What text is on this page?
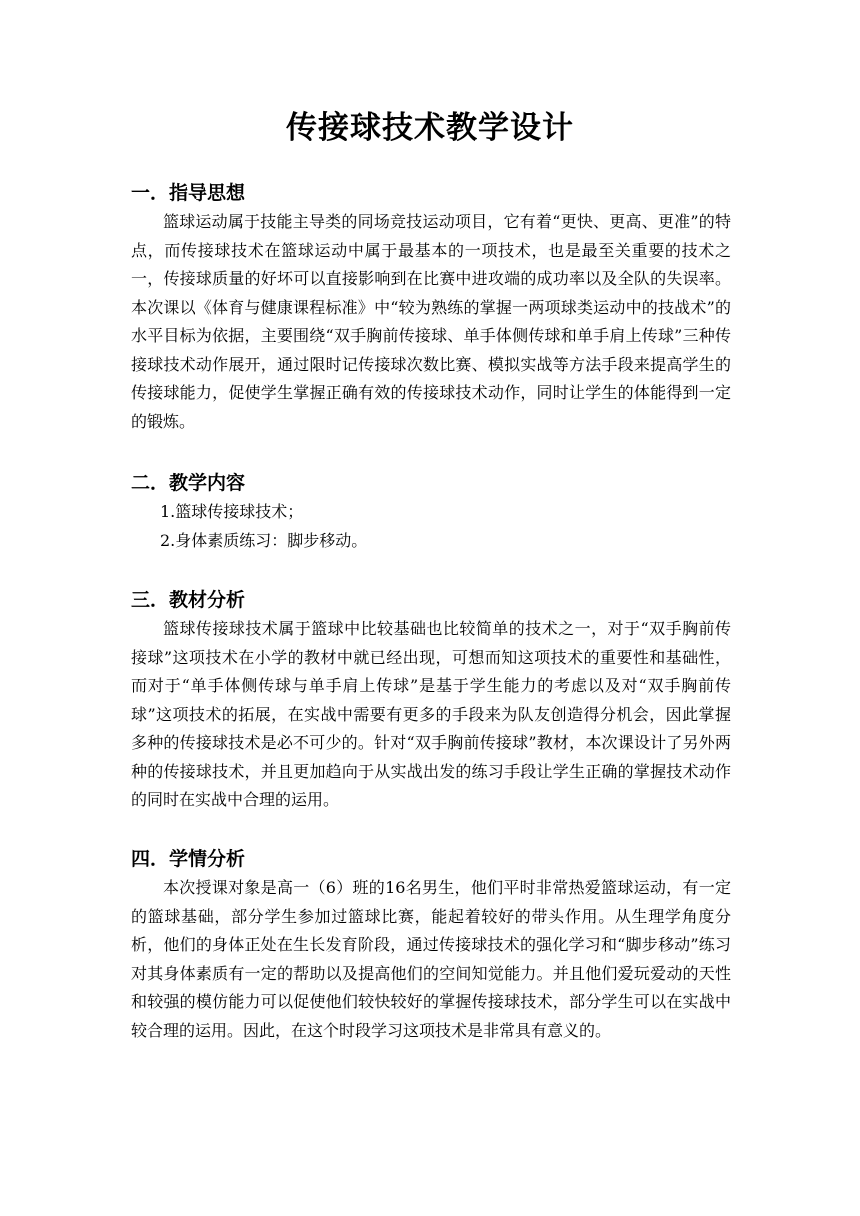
传接球技术教学设计
一．指导思想

篮球运动属于技能主导类的同场竞技运动项目，它有着“更快、更高、更准”的特点，而传接球技术在篮球运动中属于最基本的一项技术，也是最至关重要的技术之一，传接球质量的好坏可以直接影响到在比赛中进攻端的成功率以及全队的失误率。本次课以《体育与健康课程标准》中“较为熟练的掌握一两项球类运动中的技战术”的水平目标为依据，主要围绕“双手胸前传接球、单手体侧传球和单手肩上传球”三种传接球技术动作展开，通过限时记传接球次数比赛、模拟实战等方法手段来提高学生的传接球能力，促使学生掌握正确有效的传接球技术动作，同时让学生的体能得到一定的锻炼。

二．教学内容

1.篮球传接球技术；

2.身体素质练习：脚步移动。

三．教材分析

篮球传接球技术属于篮球中比较基础也比较简单的技术之一，对于“双手胸前传接球”这项技术在小学的教材中就已经出现，可想而知这项技术的重要性和基础性，而对于“单手体侧传球与单手肩上传球”是基于学生能力的考虑以及对“双手胸前传球”这项技术的拓展，在实战中需要有更多的手段来为队友创造得分机会，因此掌握多种的传接球技术是必不可少的。针对“双手胸前传接球”教材，本次课设计了另外两种的传接球技术，并且更加趋向于从实战出发的练习手段让学生正确的掌握技术动作的同时在实战中合理的运用。

四．学情分析

本次授课对象是高一（6）班的16名男生，他们平时非常热爱篮球运动，有一定的篮球基础，部分学生参加过篮球比赛，能起着较好的带头作用。从生理学角度分析，他们的身体正处在生长发育阶段，通过传接球技术的强化学习和“脚步移动”练习对其身体素质有一定的帮助以及提高他们的空间知觉能力。并且他们爱玩爱动的天性和较强的模仿能力可以促使他们较快较好的掌握传接球技术，部分学生可以在实战中较合理的运用。因此，在这个时段学习这项技术是非常具有意义的。
